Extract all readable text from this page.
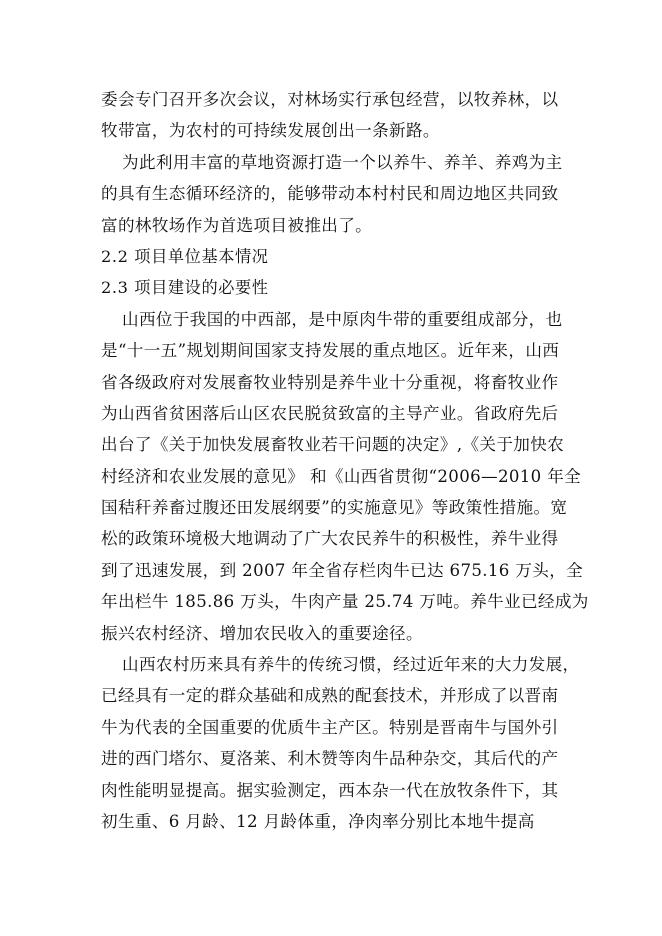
委会专门召开多次会议，对林场实行承包经营，以牧养林，以
牧带富，为农村的可持续发展创出一条新路。
为此利用丰富的草地资源打造一个以养牛、养羊、养鸡为主
的具有生态循环经济的，能够带动本村村民和周边地区共同致
富的林牧场作为首选项目被推出了。
2.2 项目单位基本情况
2.3 项目建设的必要性
山西位于我国的中西部，是中原肉牛带的重要组成部分，也
是“十一五”规划期间国家支持发展的重点地区。近年来，山西
省各级政府对发展畜牧业特别是养牛业十分重视，将畜牧业作
为山西省贫困落后山区农民脱贫致富的主导产业。省政府先后
出台了《关于加快发展畜牧业若干问题的决定》,《关于加快农
村经济和农业发展的意见》 和《山西省贯彻“2006—2010 年全
国秸秆养畜过腹还田发展纲要”的实施意见》等政策性措施。宽
松的政策环境极大地调动了广大农民养牛的积极性，养牛业得
到了迅速发展，到 2007 年全省存栏肉牛已达 675.16 万头，全
年出栏牛 185.86 万头，牛肉产量 25.74 万吨。养牛业已经成为
振兴农村经济、增加农民收入的重要途径。
山西农村历来具有养牛的传统习惯，经过近年来的大力发展，
已经具有一定的群众基础和成熟的配套技术，并形成了以晋南
牛为代表的全国重要的优质牛主产区。特别是晋南牛与国外引
进的西门塔尔、夏洛莱、利木赞等肉牛品种杂交，其后代的产
肉性能明显提高。据实验测定，西本杂一代在放牧条件下，其
初生重、6 月龄、12 月龄体重，净肉率分别比本地牛提高
